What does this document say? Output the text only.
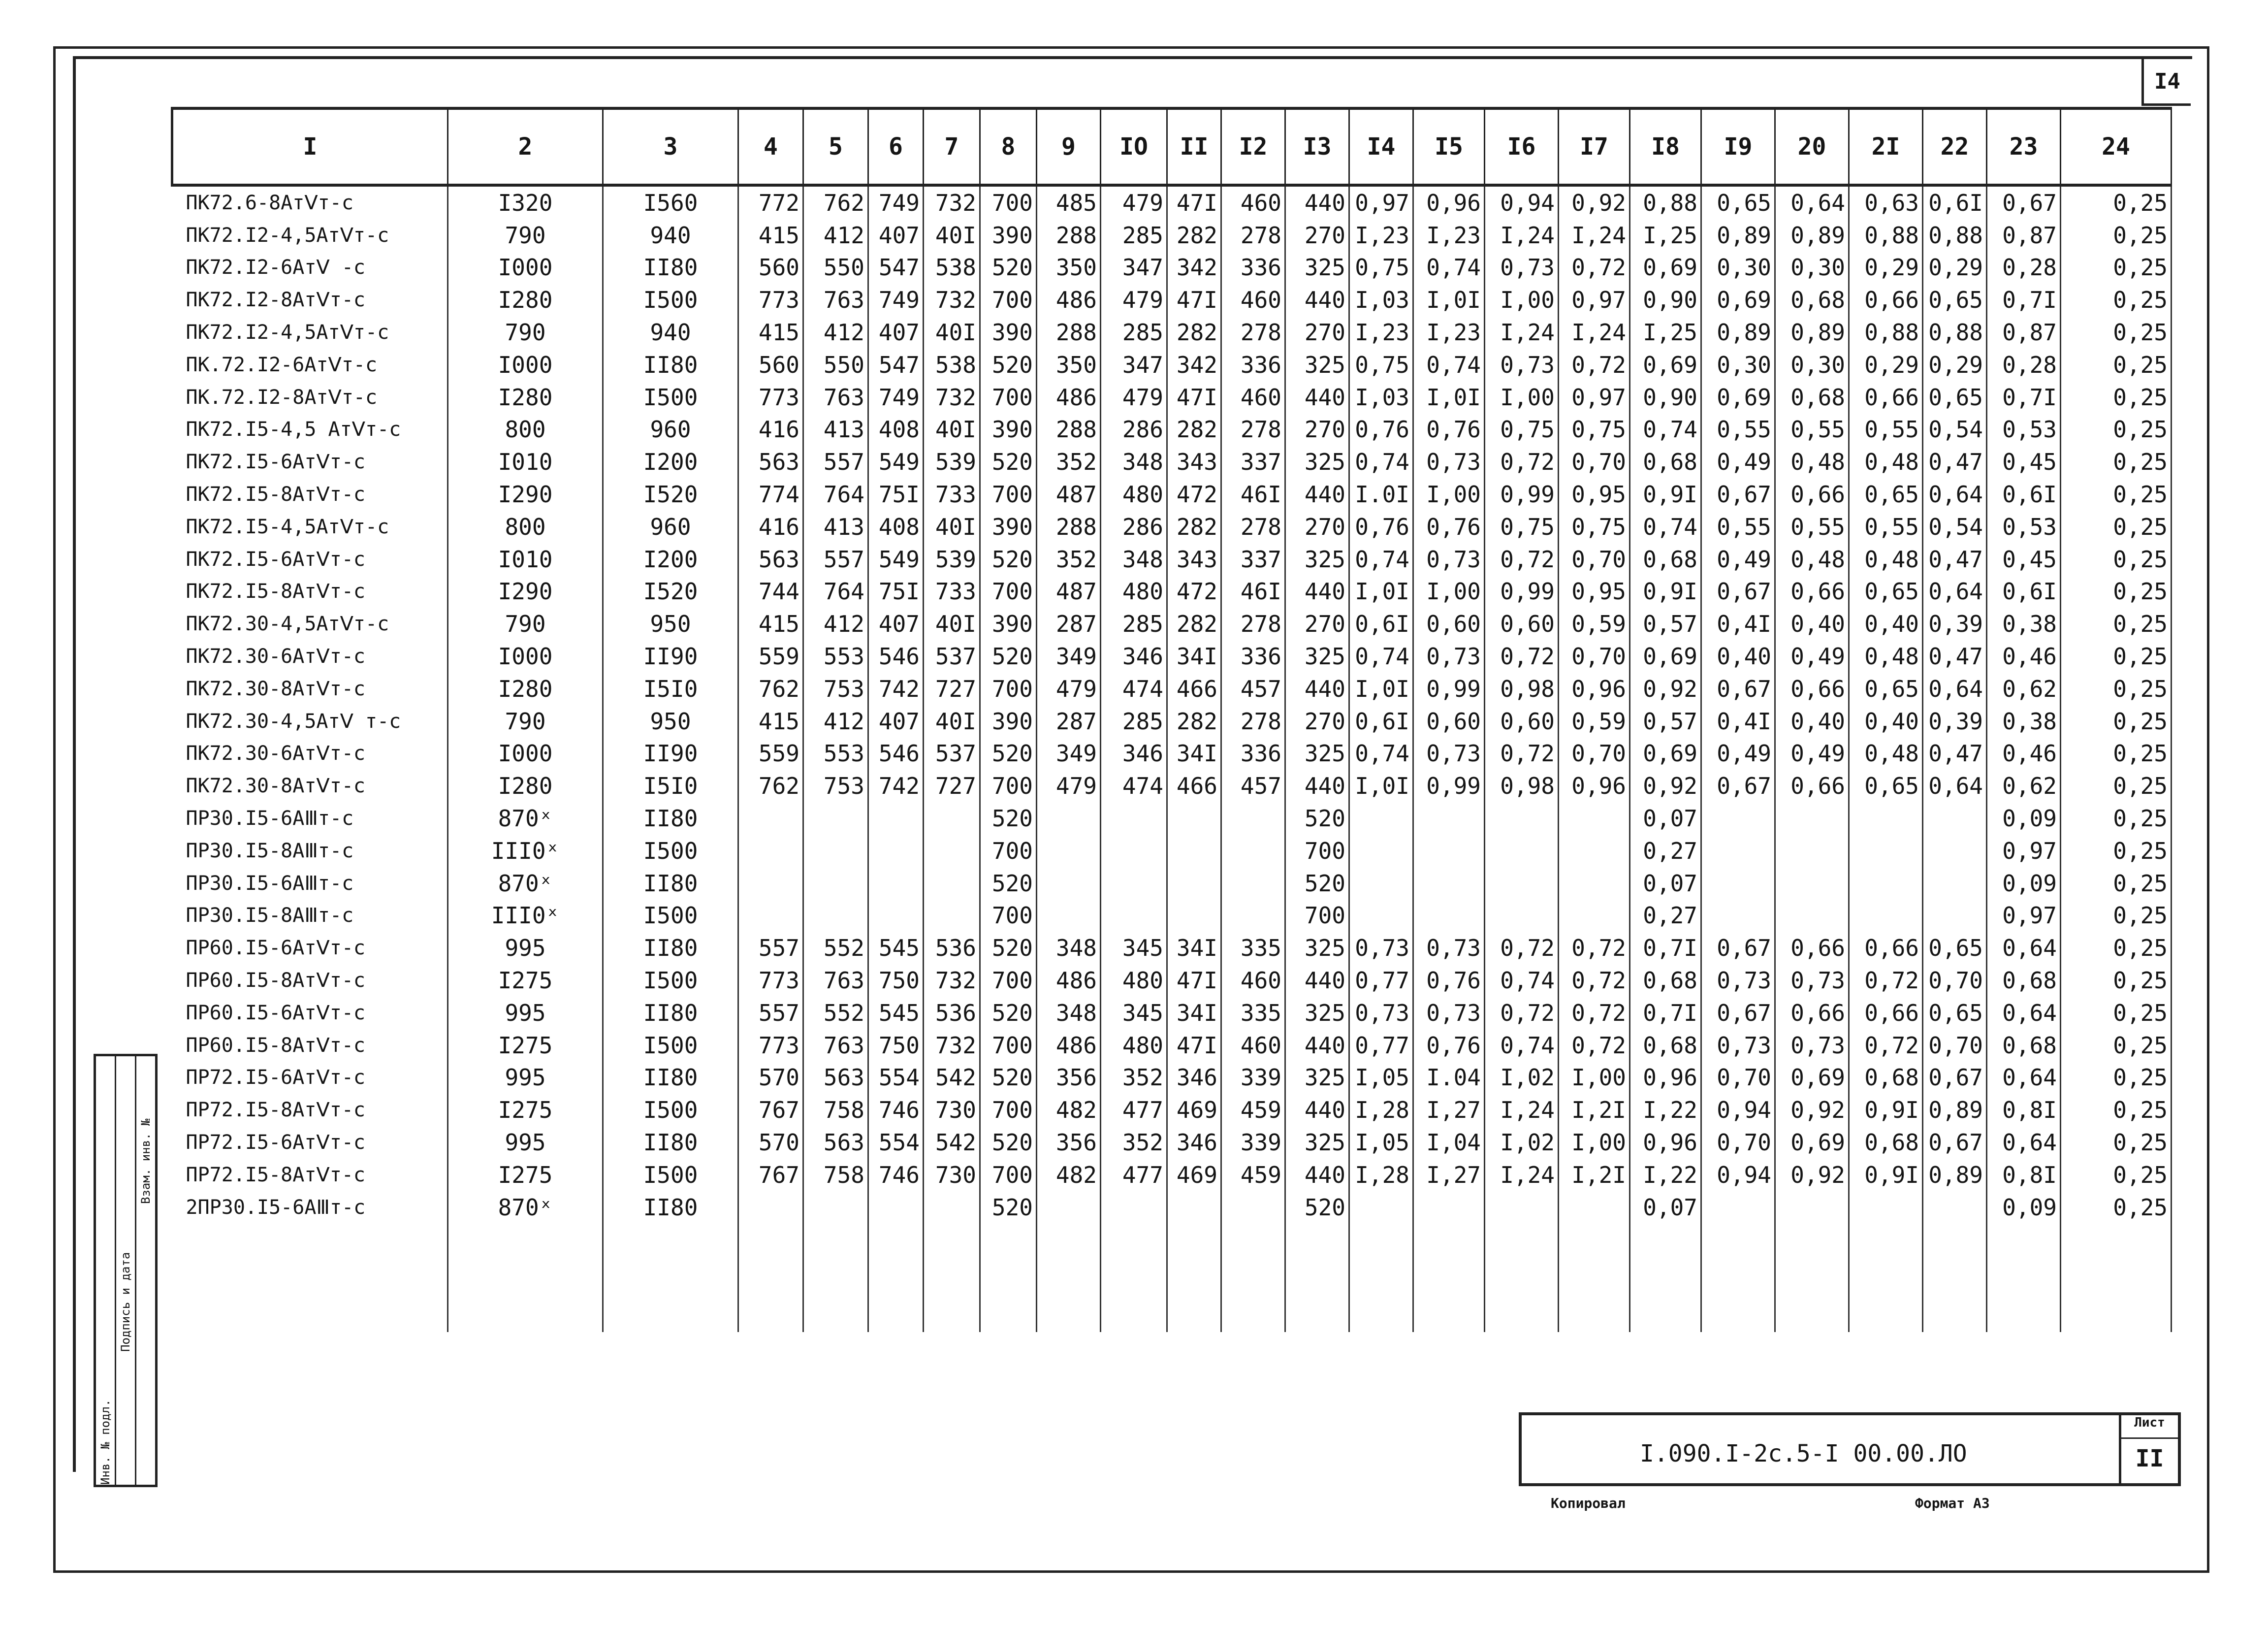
I4
I	2	3	4	5	6	7	8	9	IO	II	I2	I3	I4	I5	I6	I7	I8	I9	20	2I	22	23	24
ПК72.6-8АтⅤт-с	I320	I560	772	762	749	732	700	485	479	47I	460	440	0,97	0,96	0,94	0,92	0,88	0,65	0,64	0,63	0,6I	0,67	0,25
ПК72.I2-4,5АтⅤт-с	790	940	415	412	407	40I	390	288	285	282	278	270	I,23	I,23	I,24	I,24	I,25	0,89	0,89	0,88	0,88	0,87	0,25
ПК72.I2-6АтⅤ -с	I000	II80	560	550	547	538	520	350	347	342	336	325	0,75	0,74	0,73	0,72	0,69	0,30	0,30	0,29	0,29	0,28	0,25
ПК72.I2-8АтⅤт-с	I280	I500	773	763	749	732	700	486	479	47I	460	440	I,03	I,0I	I,00	0,97	0,90	0,69	0,68	0,66	0,65	0,7I	0,25
ПК72.I2-4,5АтⅤт-с	790	940	415	412	407	40I	390	288	285	282	278	270	I,23	I,23	I,24	I,24	I,25	0,89	0,89	0,88	0,88	0,87	0,25
ПК.72.I2-6АтⅤт-с	I000	II80	560	550	547	538	520	350	347	342	336	325	0,75	0,74	0,73	0,72	0,69	0,30	0,30	0,29	0,29	0,28	0,25
ПК.72.I2-8АтⅤт-с	I280	I500	773	763	749	732	700	486	479	47I	460	440	I,03	I,0I	I,00	0,97	0,90	0,69	0,68	0,66	0,65	0,7I	0,25
ПК72.I5-4,5 АтⅤт-с	800	960	416	413	408	40I	390	288	286	282	278	270	0,76	0,76	0,75	0,75	0,74	0,55	0,55	0,55	0,54	0,53	0,25
ПК72.I5-6АтⅤт-с	I010	I200	563	557	549	539	520	352	348	343	337	325	0,74	0,73	0,72	0,70	0,68	0,49	0,48	0,48	0,47	0,45	0,25
ПК72.I5-8АтⅤт-с	I290	I520	774	764	75I	733	700	487	480	472	46I	440	I.0I	I,00	0,99	0,95	0,9I	0,67	0,66	0,65	0,64	0,6I	0,25
ПК72.I5-4,5АтⅤт-с	800	960	416	413	408	40I	390	288	286	282	278	270	0,76	0,76	0,75	0,75	0,74	0,55	0,55	0,55	0,54	0,53	0,25
ПК72.I5-6АтⅤт-с	I010	I200	563	557	549	539	520	352	348	343	337	325	0,74	0,73	0,72	0,70	0,68	0,49	0,48	0,48	0,47	0,45	0,25
ПК72.I5-8АтⅤт-с	I290	I520	744	764	75I	733	700	487	480	472	46I	440	I,0I	I,00	0,99	0,95	0,9I	0,67	0,66	0,65	0,64	0,6I	0,25
ПК72.30-4,5АтⅤт-с	790	950	415	412	407	40I	390	287	285	282	278	270	0,6I	0,60	0,60	0,59	0,57	0,4I	0,40	0,40	0,39	0,38	0,25
ПК72.30-6АтⅤт-с	I000	II90	559	553	546	537	520	349	346	34I	336	325	0,74	0,73	0,72	0,70	0,69	0,40	0,49	0,48	0,47	0,46	0,25
ПК72.30-8АтⅤт-с	I280	I5I0	762	753	742	727	700	479	474	466	457	440	I,0I	0,99	0,98	0,96	0,92	0,67	0,66	0,65	0,64	0,62	0,25
ПК72.30-4,5АтⅤ т-с	790	950	415	412	407	40I	390	287	285	282	278	270	0,6I	0,60	0,60	0,59	0,57	0,4I	0,40	0,40	0,39	0,38	0,25
ПК72.30-6АтⅤт-с	I000	II90	559	553	546	537	520	349	346	34I	336	325	0,74	0,73	0,72	0,70	0,69	0,49	0,49	0,48	0,47	0,46	0,25
ПК72.30-8АтⅤт-с	I280	I5I0	762	753	742	727	700	479	474	466	457	440	I,0I	0,99	0,98	0,96	0,92	0,67	0,66	0,65	0,64	0,62	0,25
ПР30.I5-6АⅢт-с	870ˣ	II80					520					520					0,07					0,09	0,25
ПР30.I5-8АⅢт-с	III0ˣ	I500					700					700					0,27					0,97	0,25
ПР30.I5-6АⅢт-с	870ˣ	II80					520					520					0,07					0,09	0,25
ПР30.I5-8АⅢт-с	III0ˣ	I500					700					700					0,27					0,97	0,25
ПР60.I5-6АтⅤт-с	995	II80	557	552	545	536	520	348	345	34I	335	325	0,73	0,73	0,72	0,72	0,7I	0,67	0,66	0,66	0,65	0,64	0,25
ПР60.I5-8АтⅤт-с	I275	I500	773	763	750	732	700	486	480	47I	460	440	0,77	0,76	0,74	0,72	0,68	0,73	0,73	0,72	0,70	0,68	0,25
ПР60.I5-6АтⅤт-с	995	II80	557	552	545	536	520	348	345	34I	335	325	0,73	0,73	0,72	0,72	0,7I	0,67	0,66	0,66	0,65	0,64	0,25
ПР60.I5-8АтⅤт-с	I275	I500	773	763	750	732	700	486	480	47I	460	440	0,77	0,76	0,74	0,72	0,68	0,73	0,73	0,72	0,70	0,68	0,25
ПР72.I5-6АтⅤт-с	995	II80	570	563	554	542	520	356	352	346	339	325	I,05	I.04	I,02	I,00	0,96	0,70	0,69	0,68	0,67	0,64	0,25
ПР72.I5-8АтⅤт-с	I275	I500	767	758	746	730	700	482	477	469	459	440	I,28	I,27	I,24	I,2I	I,22	0,94	0,92	0,9I	0,89	0,8I	0,25
ПР72.I5-6АтⅤт-с	995	II80	570	563	554	542	520	356	352	346	339	325	I,05	I,04	I,02	I,00	0,96	0,70	0,69	0,68	0,67	0,64	0,25
ПР72.I5-8АтⅤт-с	I275	I500	767	758	746	730	700	482	477	469	459	440	I,28	I,27	I,24	I,2I	I,22	0,94	0,92	0,9I	0,89	0,8I	0,25
2ПР30.I5-6АⅢт-с	870ˣ	II80					520					520					0,07					0,09	0,25

Инв. № подл.
Подпись и дата
Взам. инв. №
I.090.I-2с.5-I 00.00.ЛО
Лист
II
Копировал	Формат А3
